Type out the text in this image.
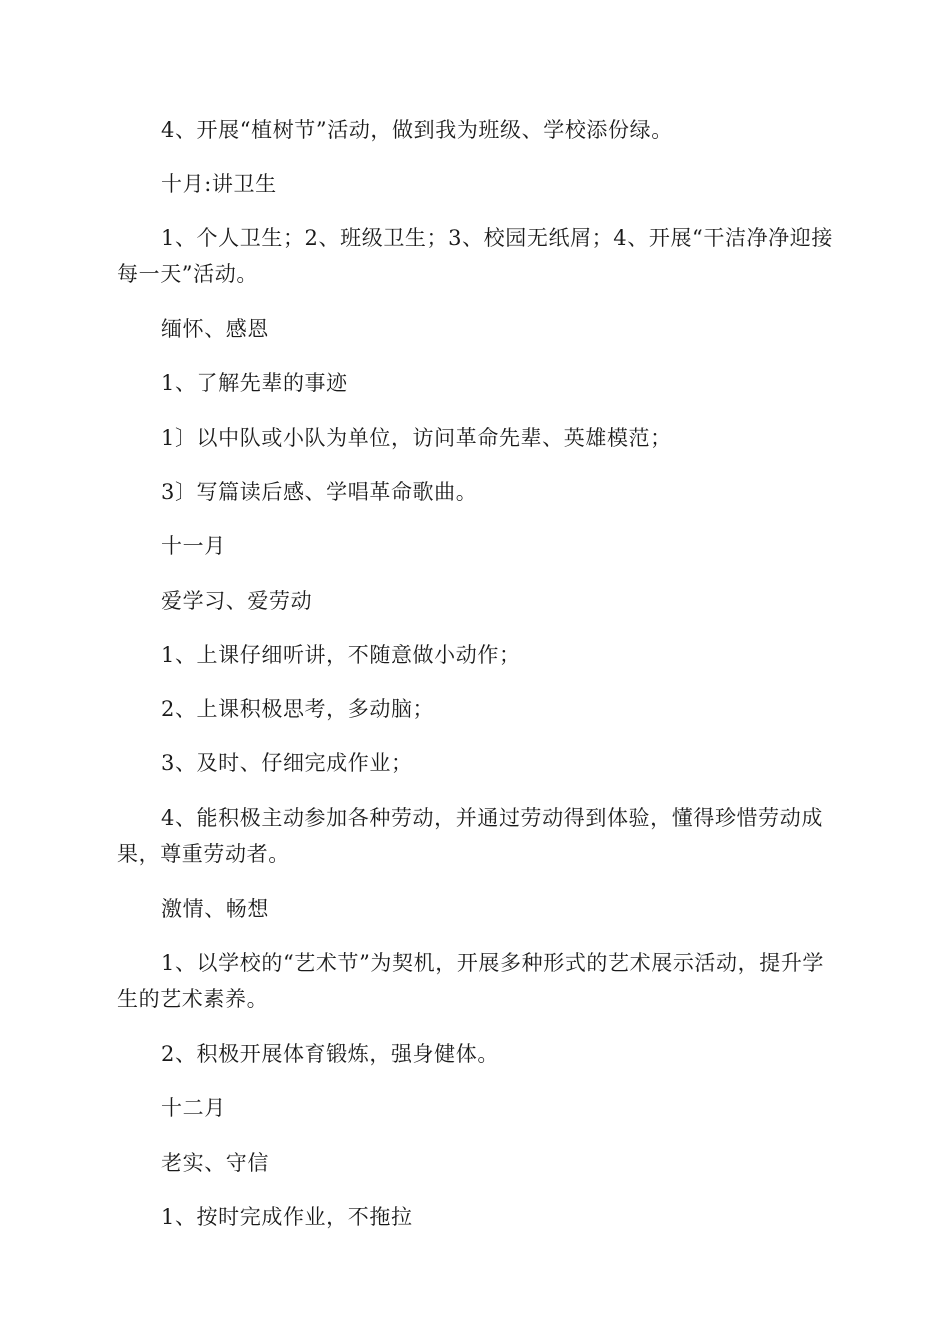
4、开展“植树节”活动，做到我为班级、学校添份绿。

十月:讲卫生

1、个人卫生；2、班级卫生；3、校园无纸屑；4、开展“干洁净净迎接每一天”活动。

缅怀、感恩

1、了解先辈的事迹

1〕以中队或小队为单位，访问革命先辈、英雄模范；

3〕写篇读后感、学唱革命歌曲。

十一月

爱学习、爱劳动

1、上课仔细听讲，不随意做小动作；

2、上课积极思考，多动脑；

3、及时、仔细完成作业；

4、能积极主动参加各种劳动，并通过劳动得到体验，懂得珍惜劳动成果，尊重劳动者。

激情、畅想

1、以学校的“艺术节”为契机，开展多种形式的艺术展示活动，提升学生的艺术素养。

2、积极开展体育锻炼，强身健体。

十二月

老实、守信

1、按时完成作业，不拖拉
